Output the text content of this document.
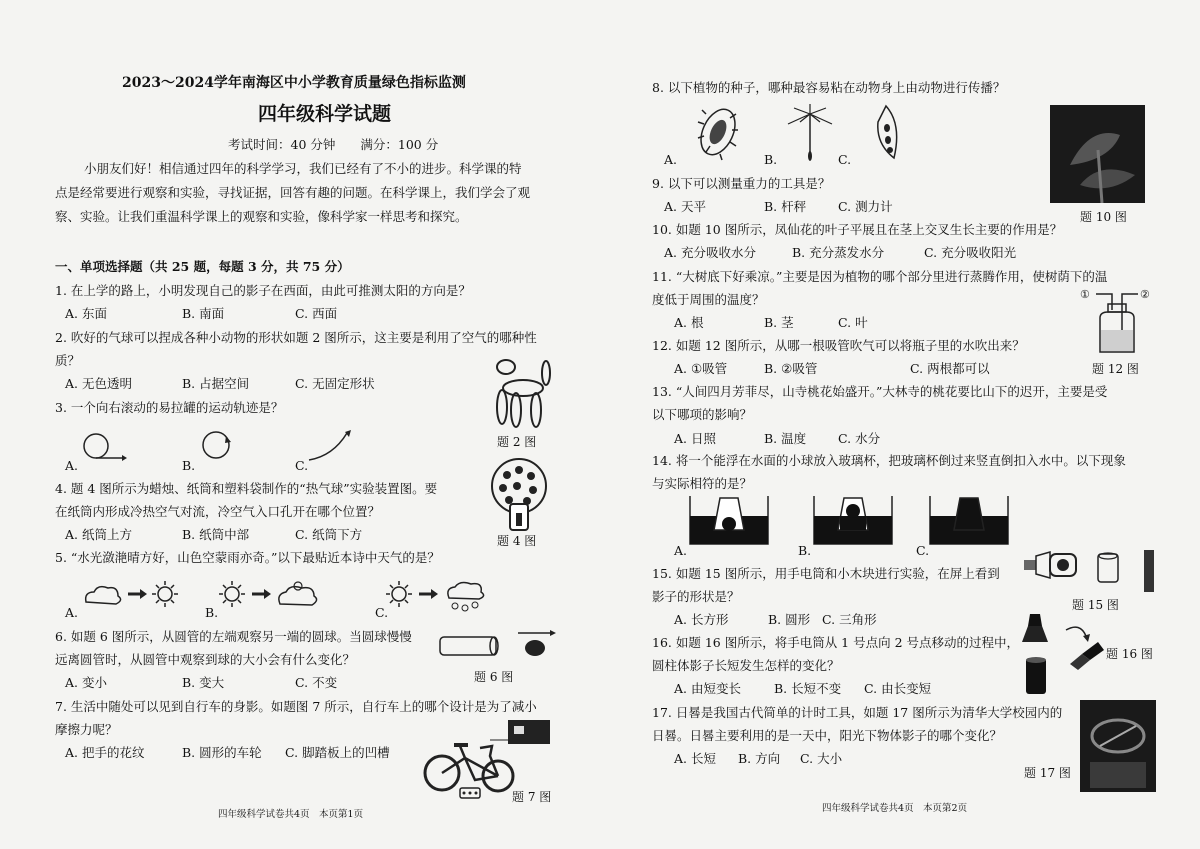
2023～2024学年南海区中小学教育质量绿色指标监测
四年级科学试题
考试时间：40 分钟　　满分：100 分
小朋友们好！相信通过四年的科学学习，我们已经有了不小的进步。科学课的特
点是经常要进行观察和实验，寻找证据，回答有趣的问题。在科学课上，我们学会了观
察、实验。让我们重温科学课上的观察和实验，像科学家一样思考和探究。
一、单项选择题（共 25 题，每题 3 分，共 75 分）
1. 在上学的路上，小明发现自己的影子在西面，由此可推测太阳的方向是？
A. 东面	B. 南面	C. 西面
2. 吹好的气球可以捏成各种小动物的形状如题 2 图所示，这主要是利用了空气的哪种性
质？
A. 无色透明	B. 占据空间	C. 无固定形状
题 2 图
3. 一个向右滚动的易拉罐的运动轨迹是？
A.	B.	C.
题 4 图
4. 题 4 图所示为蜡烛、纸筒和塑料袋制作的“热气球”实验装置图。要
在纸筒内形成冷热空气对流，冷空气入口孔开在哪个位置？
A. 纸筒上方	B. 纸筒中部	C. 纸筒下方
5. “水光潋滟晴方好，山色空蒙雨亦奇。”以下最贴近本诗中天气的是？
A.	B.	C.
6. 如题 6 图所示，从圆管的左端观察另一端的圆球。当圆球慢慢
远离圆管时，从圆管中观察到球的大小会有什么变化？
题 6 图
A. 变小	B. 变大	C. 不变
7. 生活中随处可以见到自行车的身影。如题图 7 所示，自行车上的哪个设计是为了减小
摩擦力呢？
A. 把手的花纹	B. 圆形的车轮 C. 脚踏板上的凹槽
题 7 图
四年级科学试卷共4页　本页第1页
8. 以下植物的种子，哪种最容易粘在动物身上由动物进行传播？
A.	B.	C.
题 10 图
9. 以下可以测量重力的工具是？
A. 天平	B. 杆秤	C. 测力计
10. 如题 10 图所示，凤仙花的叶子平展且在茎上交叉生长主要的作用是？
A. 充分吸收水分	B. 充分蒸发水分	C. 充分吸收阳光
11. “大树底下好乘凉。”主要是因为植物的哪个部分里进行蒸腾作用，使树荫下的温
度低于周围的温度？
A. 根	B. 茎	C. 叶
①	②
题 12 图
12. 如题 12 图所示，从哪一根吸管吹气可以将瓶子里的水吹出来？
A. ①吸管	B. ②吸管	C. 两根都可以
13. “人间四月芳菲尽，山寺桃花始盛开。”大林寺的桃花要比山下的迟开，主要是受
以下哪项的影响？
A. 日照	B. 温度	C. 水分
14. 将一个能浮在水面的小球放入玻璃杯，把玻璃杯倒过来竖直倒扣入水中。以下现象
与实际相符的是？
A.	B.	C.
题 15 图
15. 如题 15 图所示，用手电筒和小木块进行实验，在屏上看到
影子的形状是？
A. 长方形	B. 圆形 C. 三角形
题 16 图
16. 如题 16 图所示，将手电筒从 1 号点向 2 号点移动的过程中，
圆柱体影子长短发生怎样的变化？
A. 由短变长	B. 长短不变 C. 由长变短
17. 日晷是我国古代简单的计时工具，如题 17 图所示为清华大学校园内的
日晷。日晷主要利用的是一天中，阳光下物体影子的哪个变化？
A. 长短 B. 方向 C. 大小
题 17 图
四年级科学试卷共4页　本页第2页
